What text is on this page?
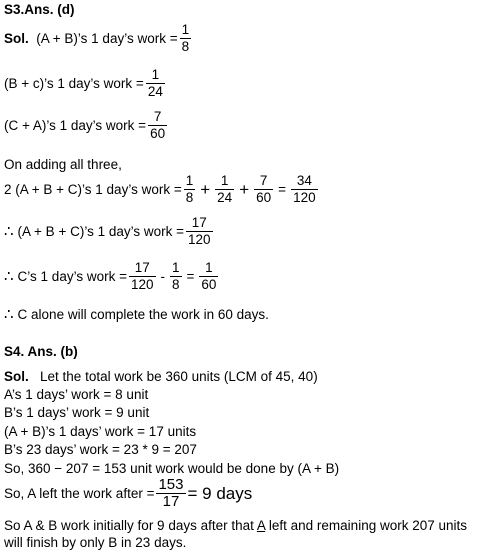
S3.Ans. (d)
Sol.
(A + B)’s 1 day’s work = $\frac{1}{8}$
(B + c)’s 1 day’s work = $\frac{1}{24}$
(C + A)’s 1 day’s work = $\frac{7}{60}$
On adding all three,
2 (A + B + C)’s 1 day’s work = $\frac{1}{8} + \frac{1}{24} + \frac{7}{60} = \frac{34}{120}$
∴ (A + B + C)’s 1 day’s work = $\frac{17}{120}$
∴ C’s 1 day’s work = $\frac{17}{120} - \frac{1}{8} = \frac{1}{60}$
∴ C alone will complete the work in 60 days.
S4. Ans. (b)
Sol. Let the total work be 360 units (LCM of 45, 40)
A’s 1 days’ work = 8 unit
B’s 1 days’ work = 9 unit
(A + B)’s 1 days’ work = 17 units
B’s 23 days’ work = 23 * 9 = 207
So, 360 − 207 = 153 unit work would be done by (A + B)
So, A left the work after = $\frac{153}{17} = 9$ days
So A & B work initially for 9 days after that A left and remaining work 207 units
will finish by only B in 23 days.
